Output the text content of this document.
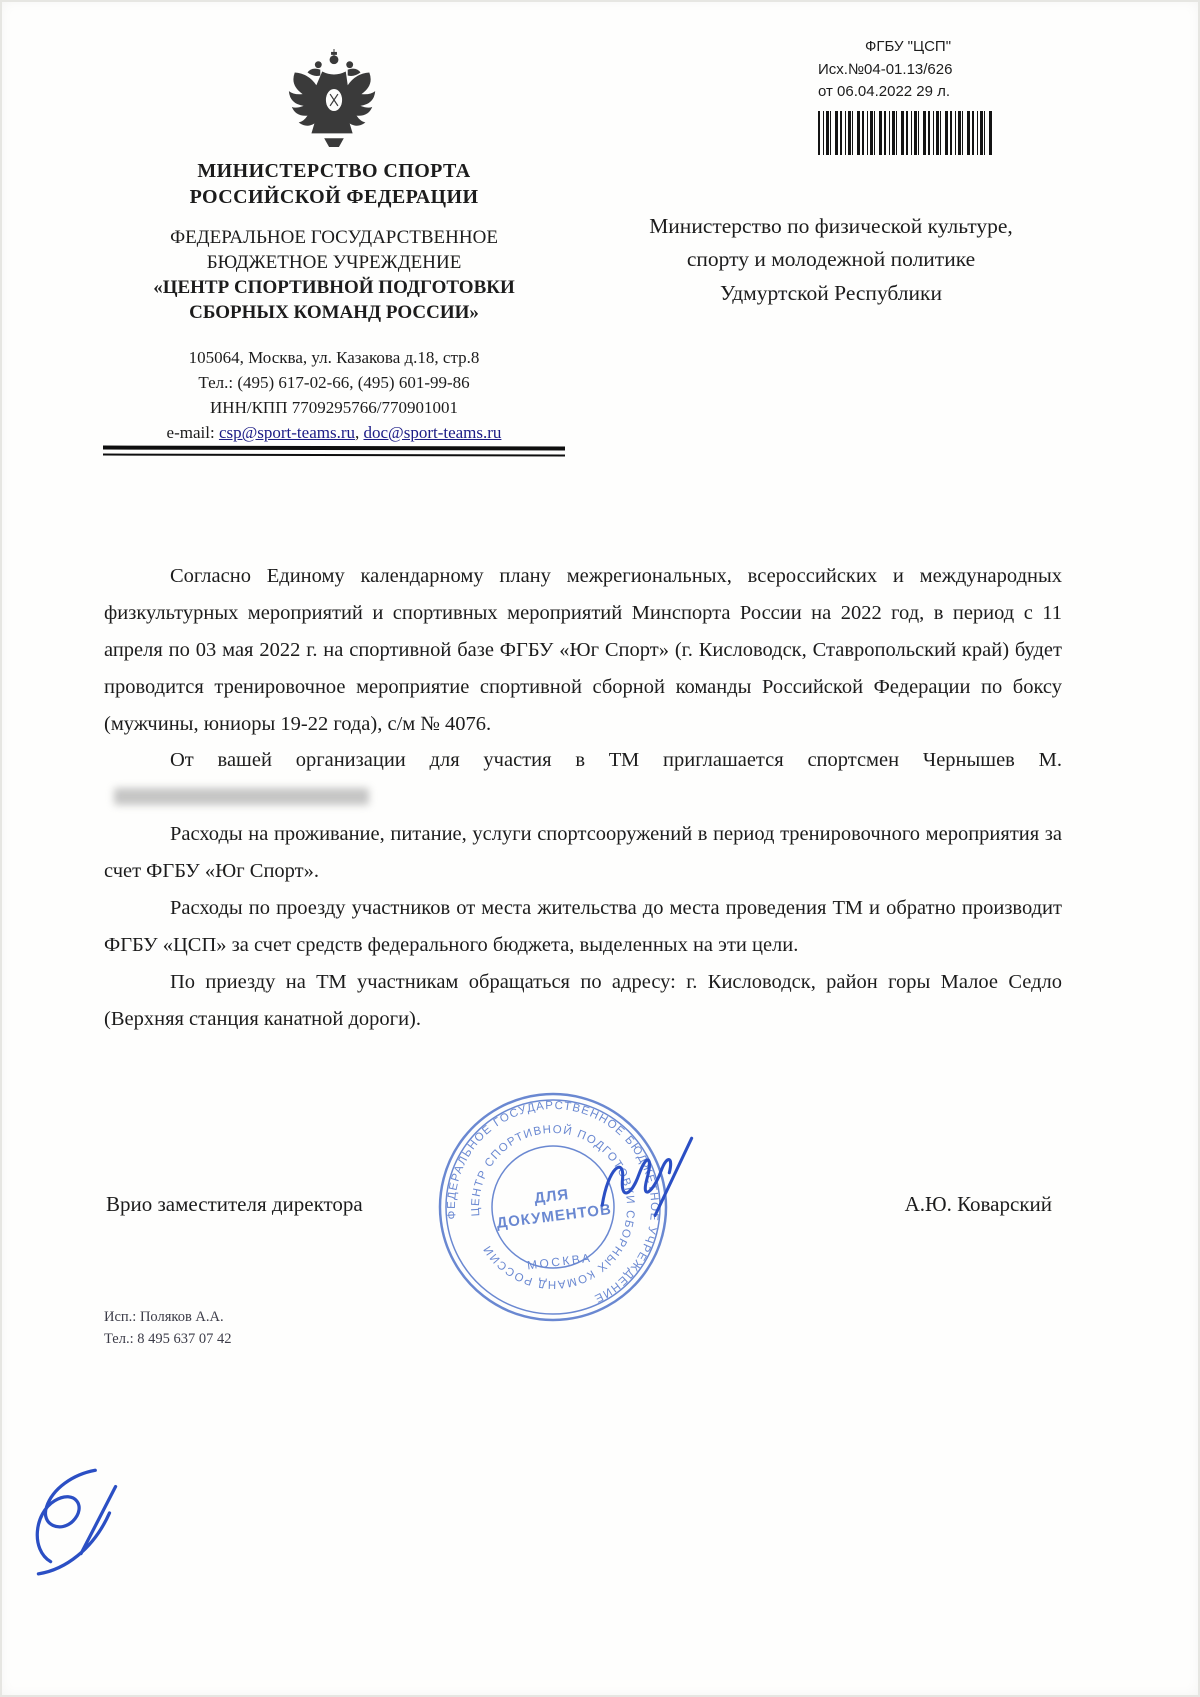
ФГБУ "ЦСП"
Исх.№04-01.13/626
от 06.04.2022 29 л.
МИНИСТЕРСТВО СПОРТА
РОССИЙСКОЙ ФЕДЕРАЦИИ
ФЕДЕРАЛЬНОЕ ГОСУДАРСТВЕННОЕ
БЮДЖЕТНОЕ УЧРЕЖДЕНИЕ
«ЦЕНТР СПОРТИВНОЙ ПОДГОТОВКИ
СБОРНЫХ КОМАНД РОССИИ»
105064, Москва, ул. Казакова д.18, стр.8
Тел.: (495) 617-02-66, (495) 601-99-86
ИНН/КПП 7709295766/770901001
e-mail: csp@sport-teams.ru, doc@sport-teams.ru
Министерство по физической культуре,
спорту и молодежной политике
Удмуртской Республики

Согласно Единому календарному плану межрегиональных, всероссийских и международных физкультурных мероприятий и спортивных мероприятий Минспорта России на 2022 год, в период с 11 апреля по 03 мая 2022 г. на спортивной базе ФГБУ «Юг Спорт» (г. Кисловодск, Ставропольский край) будет проводится тренировочное мероприятие спортивной сборной команды Российской Федерации по боксу (мужчины, юниоры 19-22 года), с/м № 4076.

От вашей организации для участия в ТМ приглашается спортсмен Чернышев М.

Расходы на проживание, питание, услуги спортсооружений в период тренировочного мероприятия за счет ФГБУ «Юг Спорт».

Расходы по проезду участников от места жительства до места проведения ТМ и обратно производит ФГБУ «ЦСП» за счет средств федерального бюджета, выделенных на эти цели.

По приезду на ТМ участникам обращаться по адресу: г. Кисловодск, район горы Малое Седло (Верхняя станция канатной дороги).

Врио заместителя директора	А.Ю. Коварский
ФЕДЕРАЛЬНОЕ ГОСУДАРСТВЕННОЕ БЮДЖЕТНОЕ УЧРЕЖДЕНИЕ
ЦЕНТР СПОРТИВНОЙ ПОДГОТОВКИ СБОРНЫХ КОМАНД РОССИИ
ДЛЯ
ДОКУМЕНТОВ
МОСКВА
Исп.: Поляков А.А.
Тел.: 8 495 637 07 42
